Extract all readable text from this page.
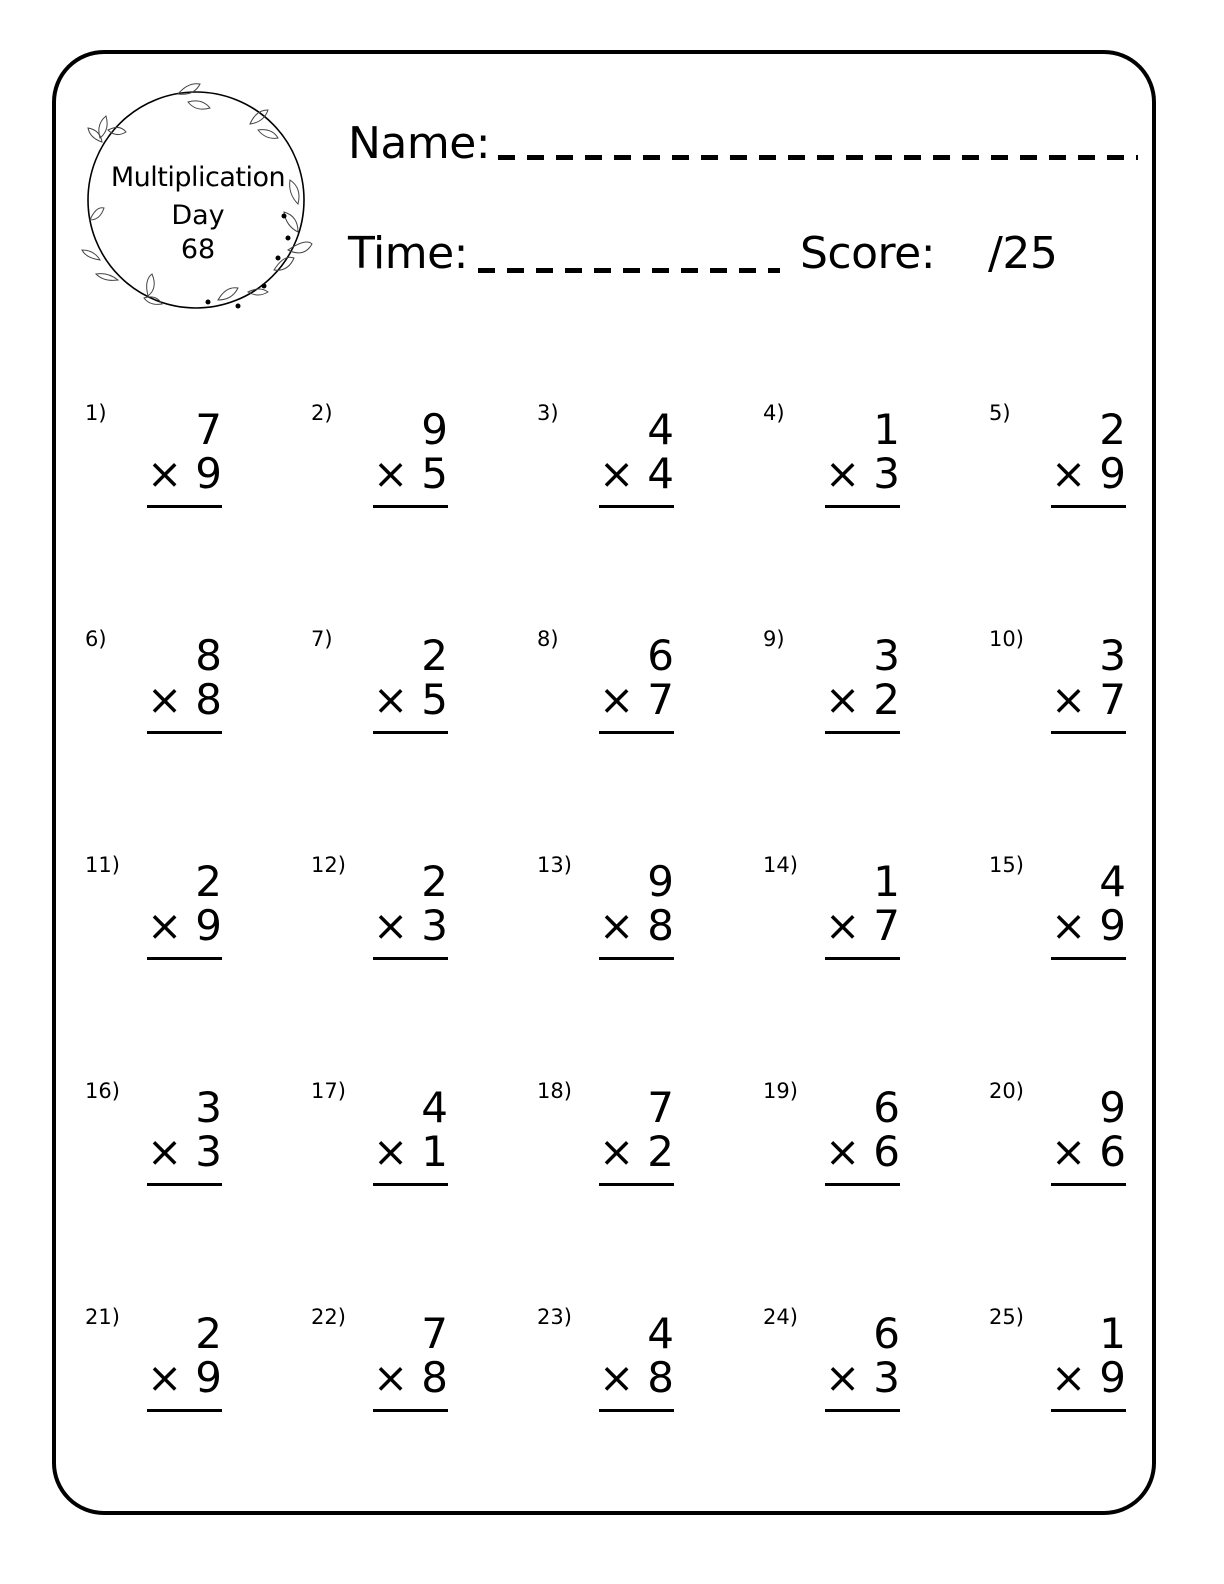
Multiplication
Day
68
Name:
Time:	Score: /25
1)	7
× 9
2)	9
× 5
3)	4
× 4
4)	1
× 3
5)	2
× 9
6)	8
× 8
7)	2
× 5
8)	6
× 7
9)	3
× 2
10)	3
× 7
11)	2
× 9
12)	2
× 3
13)	9
× 8
14)	1
× 7
15)	4
× 9
16)	3
× 3
17)	4
× 1
18)	7
× 2
19)	6
× 6
20)	9
× 6
21)	2
× 9
22)	7
× 8
23)	4
× 8
24)	6
× 3
25)	1
× 9
